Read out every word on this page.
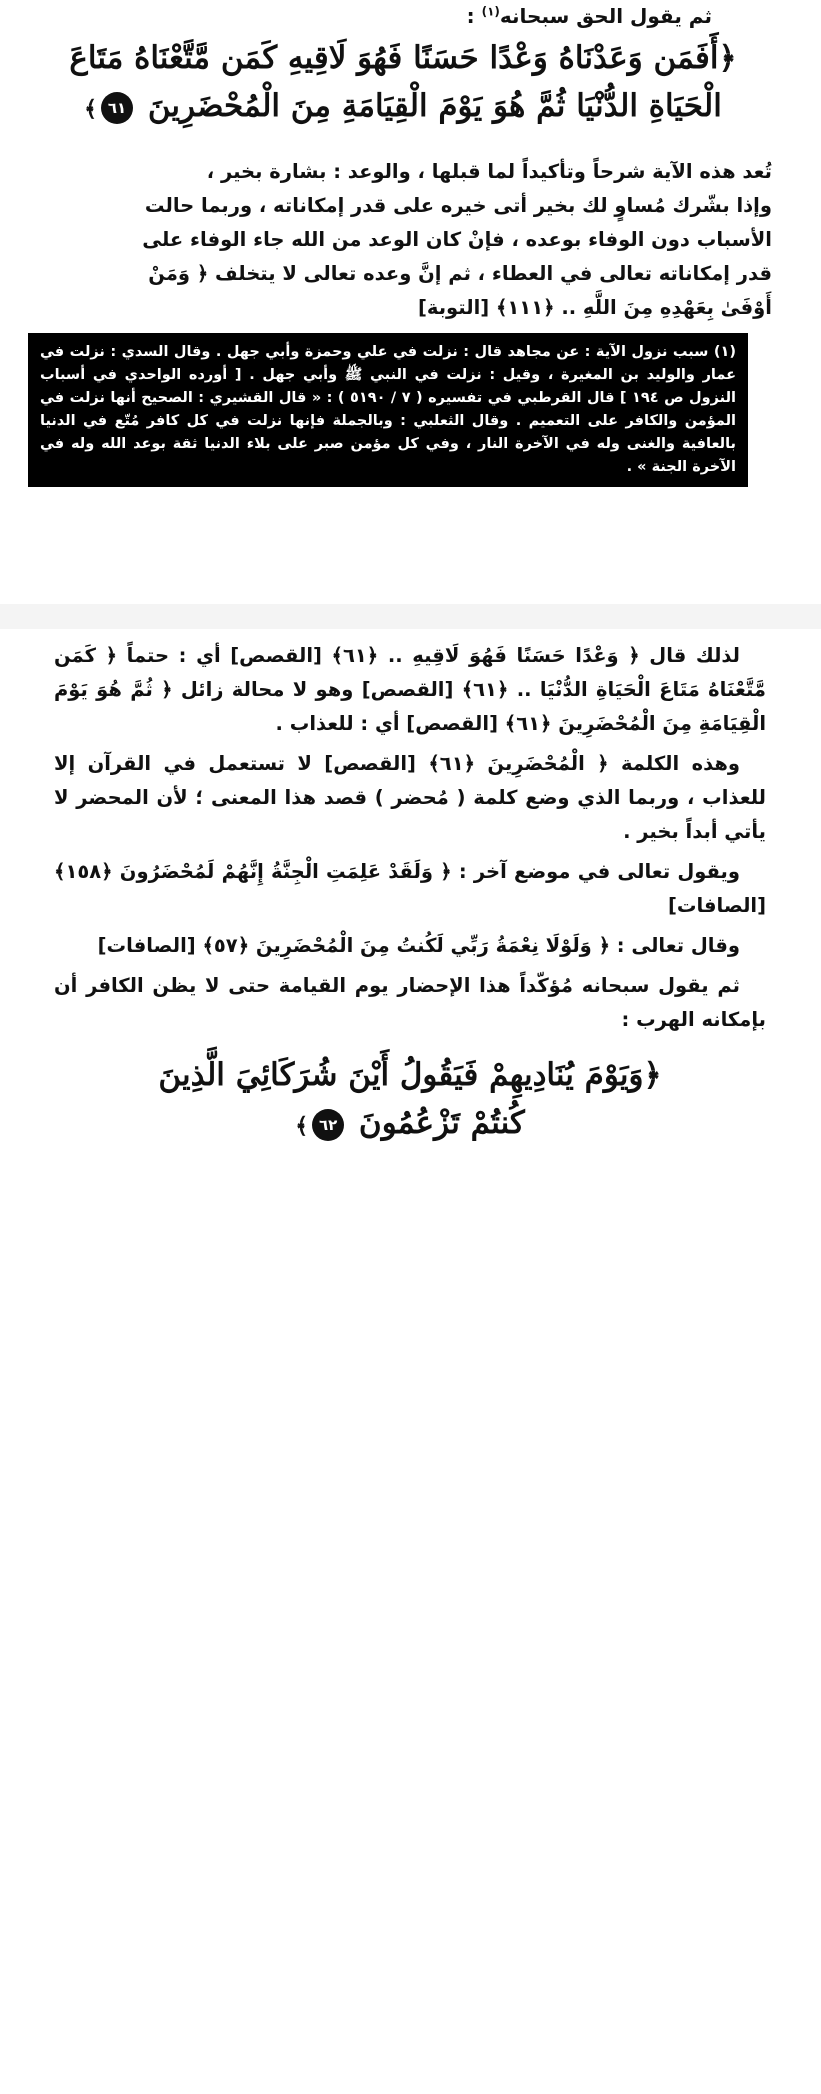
ثم يقول الحق سبحانه$^{(١)}$ :

﴿أَفَمَن وَعَدْنَاهُ وَعْدًا حَسَنًا فَهُوَ لَاقِيهِ كَمَن مَّتَّعْنَاهُ مَتَاعَ
الْحَيَاةِ الدُّنْيَا ثُمَّ هُوَ يَوْمَ الْقِيَامَةِ مِنَ الْمُحْضَرِينَ ٦١﴾

تُعد هذه الآية شرحاً وتأكيداً لما قبلها ، والوعد : بشارة بخير ،

وإذا بشّرك مُساوٍ لك بخير أتى خيره على قدر إمكاناته ، وربما حالت

الأسباب دون الوفاء بوعده ، فإنْ كان الوعد من الله جاء الوفاء على

قدر إمكاناته تعالى في العطاء ، ثم إنَّ وعده تعالى لا يتخلف ﴿ وَمَنْ

أَوْفَىٰ بِعَهْدِهِ مِنَ اللَّهِ .. ﴿١١١﴾ [التوبة]

(١) سبب نزول الآية : عن مجاهد قال : نزلت في علي وحمزة وأبي جهل . وقال السدي : نزلت في عمار والوليد بن المغيرة ، وقيل : نزلت في النبي ﷺ وأبي جهل . [ أورده الواحدي في أسباب النزول ص ١٩٤ ] قال القرطبي في تفسيره ( ٧ / ٥١٩٠ ) : « قال القشيري : الصحيح أنها نزلت في المؤمن والكافر على التعميم . وقال الثعلبي : وبالجملة فإنها نزلت في كل كافر مُتّع في الدنيا بالعافية والغنى وله في الآخرة النار ، وفي كل مؤمن صبر على بلاء الدنيا ثقة بوعد الله وله في الآخرة الجنة » .

لذلك قال ﴿ وَعْدًا حَسَنًا فَهُوَ لَاقِيهِ .. ﴿٦١﴾ [القصص] أي : حتماً ﴿ كَمَن مَّتَّعْنَاهُ مَتَاعَ الْحَيَاةِ الدُّنْيَا .. ﴿٦١﴾ [القصص] وهو لا محالة زائل ﴿ ثُمَّ هُوَ يَوْمَ الْقِيَامَةِ مِنَ الْمُحْضَرِينَ ﴿٦١﴾ [القصص] أي : للعذاب .

وهذه الكلمة ﴿ الْمُحْضَرِينَ ﴿٦١﴾ [القصص] لا تستعمل في القرآن إلا للعذاب ، وربما الذي وضع كلمة ( مُحضر ) قصد هذا المعنى ؛ لأن المحضر لا يأتي أبداً بخير .

ويقول تعالى في موضع آخر : ﴿ وَلَقَدْ عَلِمَتِ الْجِنَّةُ إِنَّهُمْ لَمُحْضَرُونَ ﴿١٥٨﴾ [الصافات]

وقال تعالى : ﴿ وَلَوْلَا نِعْمَةُ رَبِّي لَكُنتُ مِنَ الْمُحْضَرِينَ ﴿٥٧﴾ [الصافات]

ثم يقول سبحانه مُؤكّداً هذا الإحضار يوم القيامة حتى لا يظن الكافر أن بإمكانه الهرب :

﴿وَيَوْمَ يُنَادِيهِمْ فَيَقُولُ أَيْنَ شُرَكَائِيَ الَّذِينَ
كُنتُمْ تَزْعُمُونَ ٦٢﴾
